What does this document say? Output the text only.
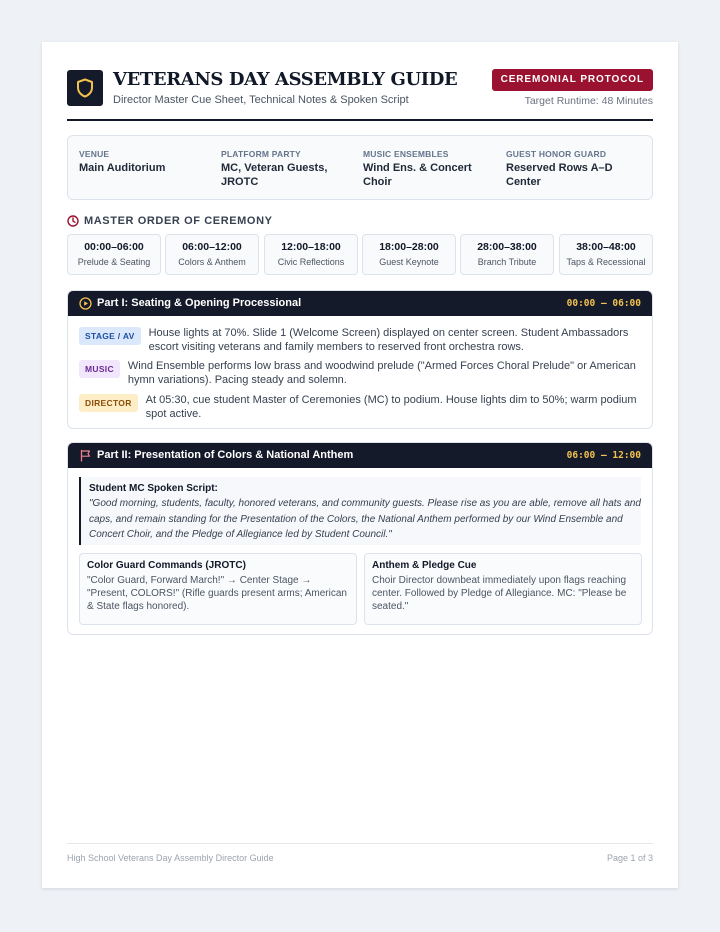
VETERANS DAY ASSEMBLY GUIDE
Director Master Cue Sheet, Technical Notes & Spoken Script
CEREMONIAL PROTOCOL
Target Runtime: 48 Minutes
VENUE
Main Auditorium
PLATFORM PARTY
MC, Veteran Guests, JROTC
MUSIC ENSEMBLES
Wind Ens. & Concert Choir
GUEST HONOR GUARD
Reserved Rows A–D Center
MASTER ORDER OF CEREMONY
00:00–06:00
Prelude & Seating
06:00–12:00
Colors & Anthem
12:00–18:00
Civic Reflections
18:00–28:00
Guest Keynote
28:00–38:00
Branch Tribute
38:00–48:00
Taps & Recessional
Part I: Seating & Opening Processional	00:00 – 06:00
STAGE / AV	House lights at 70%. Slide 1 (Welcome Screen) displayed on center screen. Student Ambassadors escort visiting veterans and family members to reserved front orchestra rows.
MUSIC	Wind Ensemble performs low brass and woodwind prelude ("Armed Forces Choral Prelude" or American hymn variations). Pacing steady and solemn.
DIRECTOR	At 05:30, cue student Master of Ceremonies (MC) to podium. House lights dim to 50%; warm podium spot active.
Part II: Presentation of Colors & National Anthem	06:00 – 12:00
Student MC Spoken Script:
"Good morning, students, faculty, honored veterans, and community guests. Please rise as you are able, remove all hats and caps, and remain standing for the Presentation of the Colors, the National Anthem performed by our Wind Ensemble and Concert Choir, and the Pledge of Allegiance led by Student Council."
Color Guard Commands (JROTC)
"Color Guard, Forward March!" → Center Stage → "Present, COLORS!" (Rifle guards present arms; American & State flags honored).
Anthem & Pledge Cue
Choir Director downbeat immediately upon flags reaching center. Followed by Pledge of Allegiance. MC: "Please be seated."
High School Veterans Day Assembly Director Guide	Page 1 of 3
